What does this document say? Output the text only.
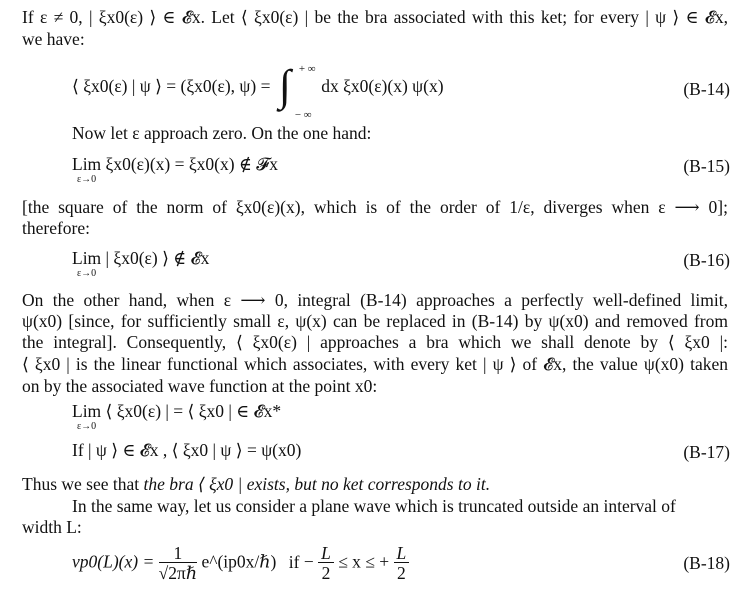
If ε ≠ 0, | ξx0(ε) ⟩ ∈ 𝓔x. Let ⟨ ξx0(ε) | be the bra associated with this ket; for every | ψ ⟩ ∈ 𝓔x,
we have:
⟨ ξx0(ε) | ψ ⟩ = (ξx0(ε), ψ) = ∫ + ∞
− ∞
dx ξx0(ε)(x) ψ(x)	(B-14)
Now let ε approach zero. On the one hand:
Lim
ε→0
ξx0(ε)(x) = ξx0(x) ∉ 𝓕x	(B-15)
[the square of the norm of ξx0(ε)(x), which is of the order of 1/ε, diverges when ε ⟶ 0];
therefore:
Lim
ε→0
| ξx0(ε) ⟩ ∉ 𝓔x	(B-16)
On the other hand, when ε ⟶ 0, integral (B-14) approaches a perfectly well-defined limit,
ψ(x0) [since, for sufficiently small ε, ψ(x) can be replaced in (B-14) by ψ(x0) and removed from
the integral]. Consequently, ⟨ ξx0(ε) | approaches a bra which we shall denote by ⟨ ξx0 |:
⟨ ξx0 | is the linear functional which associates, with every ket | ψ ⟩ of 𝓔x, the value ψ(x0) taken
on by the associated wave function at the point x0:
Lim
ε→0
⟨ ξx0(ε) | = ⟨ ξx0 | ∈ 𝓔x*
If | ψ ⟩ ∈ 𝓔x , ⟨ ξx0 | ψ ⟩ = ψ(x0)	(B-17)
Thus we see that the bra ⟨ ξx0 | exists, but no ket corresponds to it.
In the same way, let us consider a plane wave which is truncated outside an interval of
width L:
$vp0(L)(x) = \frac{1}{\text{√2πℏ}}$ e^(ip0x/ℏ) if − $\frac{L}{2} \le x$ ≤ + $\frac{L}{2}$	(B-18)
